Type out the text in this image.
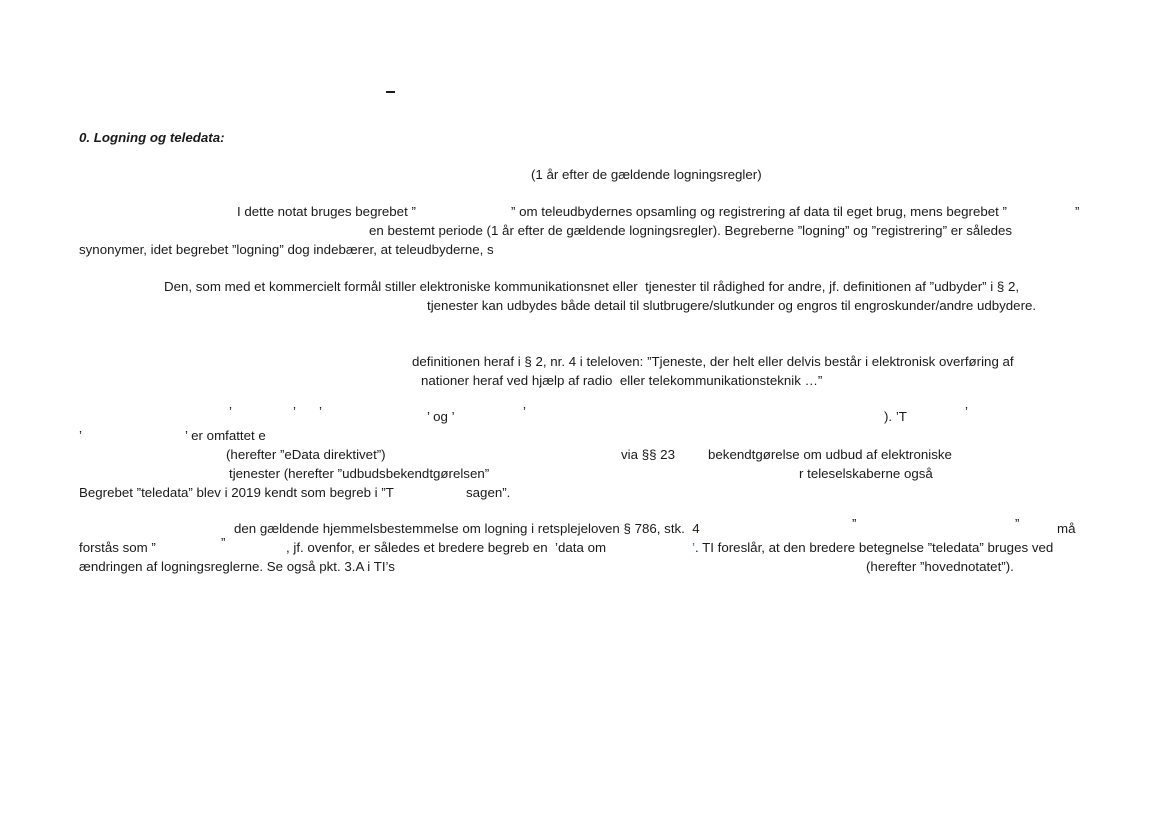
0. Logning og teledata:
(1 år efter de gældende logningsregler)
I dette notat bruges begrebet ”	” om teleudbydernes opsamling og registrering af data til eget brug, mens begrebet ”	”
en bestemt periode (1 år efter de gældende logningsregler). Begreberne ”logning” og ”registrering” er således
synonymer, idet begrebet ”logning” dog indebærer, at teleudbyderne, s
Den, som med et kommercielt formål stiller elektroniske kommunikationsnet eller  tjenester til rådighed for andre, jf. definitionen af ”udbyder” i § 2,
tjenester kan udbydes både detail til slutbrugere/slutkunder og engros til engroskunder/andre udbydere.
definitionen heraf i § 2, nr. 4 i teleloven: ”Tjeneste, der helt eller delvis består i elektronisk overføring af
nationer heraf ved hjælp af radio  eller telekommunikationsteknik …”
’	’ ’	’ og ’	’	). ’T	’
’	’ er omfattet e
(herefter ”eData direktivet”)	via §§ 23 bekendtgørelse om udbud af elektroniske
tjenester (herefter ”udbudsbekendtgørelsen”	r teleselskaberne også
Begrebet ”teledata” blev i 2019 kendt som begreb i ”T	sagen”.
den gældende hjemmelsbestemmelse om logning i retsplejeloven § 786, stk.  4	”	”	må
forstås som ”	”	, jf. ovenfor, er således et bredere begreb en  ’data om	’ . TI foreslår, at den bredere betegnelse ”teledata” bruges ved
ændringen af logningsreglerne. Se også pkt. 3.A i TI’s	(herefter ”hovednotatet”).
